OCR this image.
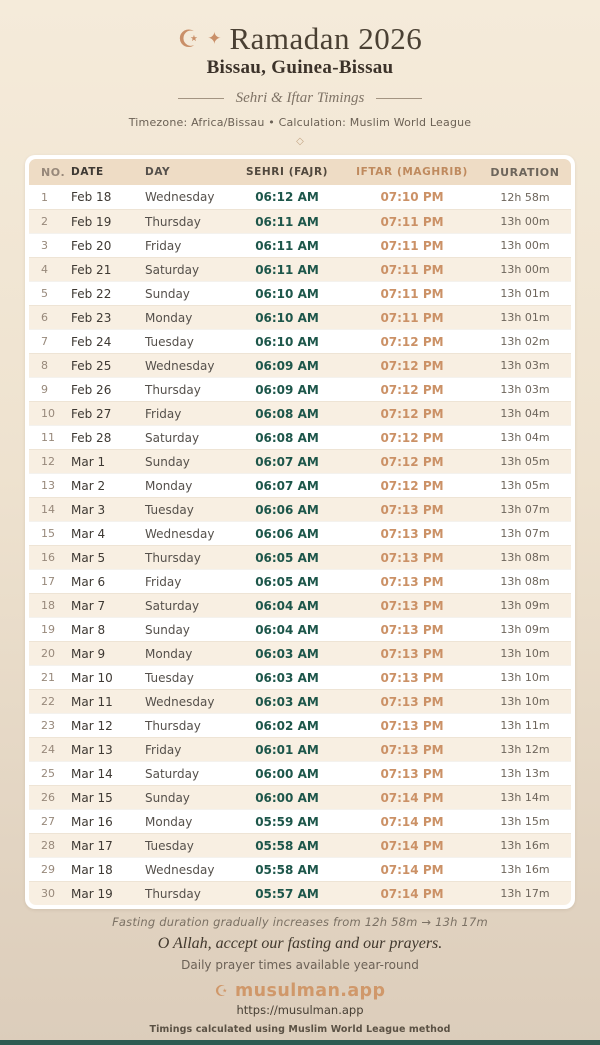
☪ ✦ Ramadan 2026
Bissau, Guinea-Bissau
Sehri & Iftar Timings
Timezone: Africa/Bissau • Calculation: Muslim World League
◇
NO. DATE	DAY	SEHRI (FAJR)	IFTAR (MAGHRIB)	DURATION
1	Feb 18	Wednesday	06:12 AM	07:10 PM	12h 58m
2	Feb 19	Thursday	06:11 AM	07:11 PM	13h 00m
3	Feb 20	Friday	06:11 AM	07:11 PM	13h 00m
4	Feb 21	Saturday	06:11 AM	07:11 PM	13h 00m
5	Feb 22	Sunday	06:10 AM	07:11 PM	13h 01m
6	Feb 23	Monday	06:10 AM	07:11 PM	13h 01m
7	Feb 24	Tuesday	06:10 AM	07:12 PM	13h 02m
8	Feb 25	Wednesday	06:09 AM	07:12 PM	13h 03m
9	Feb 26	Thursday	06:09 AM	07:12 PM	13h 03m
10	Feb 27	Friday	06:08 AM	07:12 PM	13h 04m
11	Feb 28	Saturday	06:08 AM	07:12 PM	13h 04m
12	Mar 1	Sunday	06:07 AM	07:12 PM	13h 05m
13	Mar 2	Monday	06:07 AM	07:12 PM	13h 05m
14	Mar 3	Tuesday	06:06 AM	07:13 PM	13h 07m
15	Mar 4	Wednesday	06:06 AM	07:13 PM	13h 07m
16	Mar 5	Thursday	06:05 AM	07:13 PM	13h 08m
17	Mar 6	Friday	06:05 AM	07:13 PM	13h 08m
18	Mar 7	Saturday	06:04 AM	07:13 PM	13h 09m
19	Mar 8	Sunday	06:04 AM	07:13 PM	13h 09m
20	Mar 9	Monday	06:03 AM	07:13 PM	13h 10m
21	Mar 10	Tuesday	06:03 AM	07:13 PM	13h 10m
22	Mar 11	Wednesday	06:03 AM	07:13 PM	13h 10m
23	Mar 12	Thursday	06:02 AM	07:13 PM	13h 11m
24	Mar 13	Friday	06:01 AM	07:13 PM	13h 12m
25	Mar 14	Saturday	06:00 AM	07:13 PM	13h 13m
26	Mar 15	Sunday	06:00 AM	07:14 PM	13h 14m
27	Mar 16	Monday	05:59 AM	07:14 PM	13h 15m
28	Mar 17	Tuesday	05:58 AM	07:14 PM	13h 16m
29	Mar 18	Wednesday	05:58 AM	07:14 PM	13h 16m
30	Mar 19	Thursday	05:57 AM	07:14 PM	13h 17m
Fasting duration gradually increases from 12h 58m → 13h 17m
O Allah, accept our fasting and our prayers.
Daily prayer times available year-round
☪ musulman.app
https://musulman.app
Timings calculated using Muslim World League method
